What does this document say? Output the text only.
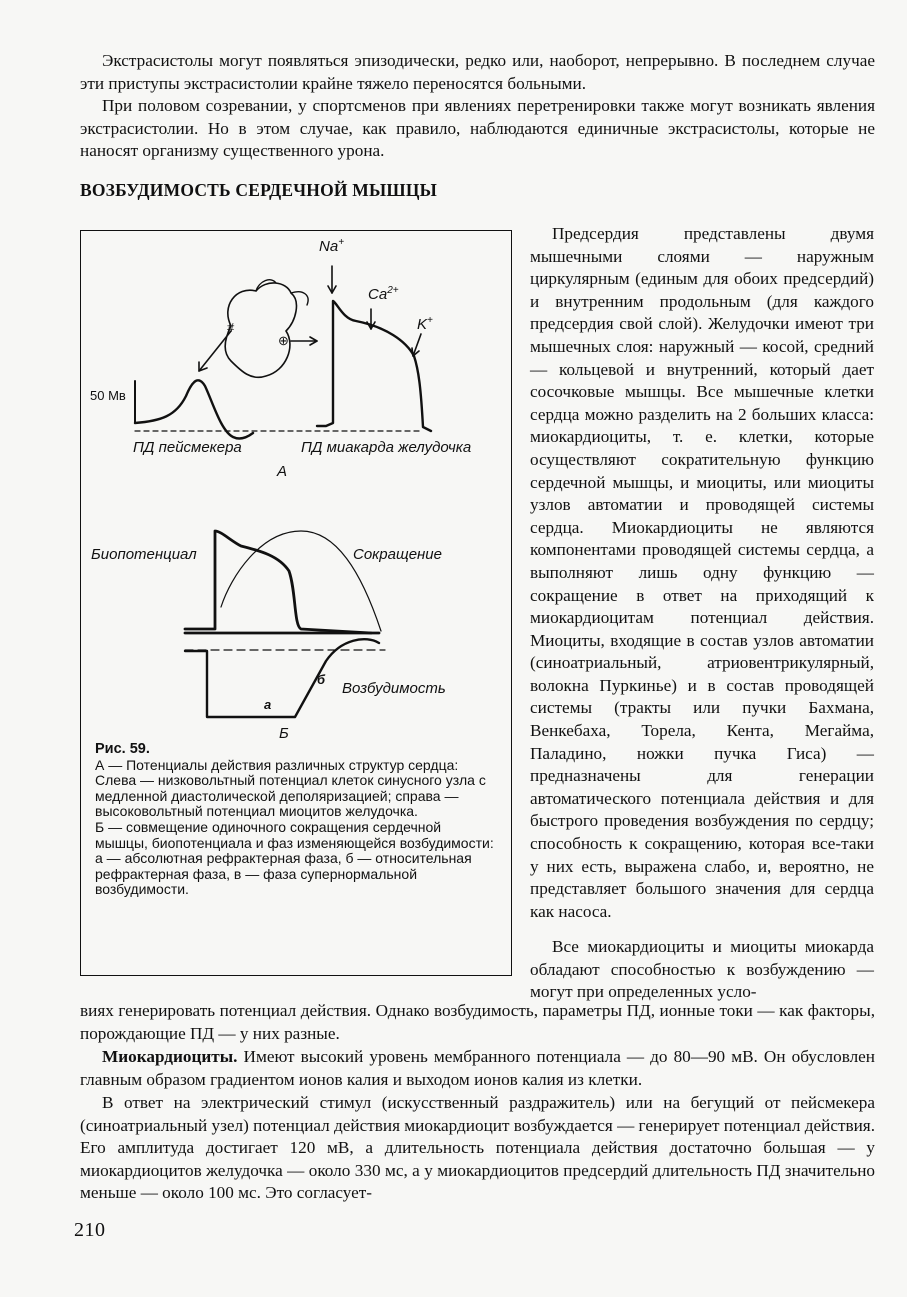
Экстрасистолы могут появляться эпизодически, редко или, наоборот, непрерывно. В последнем случае эти приступы экстрасистолии крайне тяжело переносятся больными.
При половом созревании, у спортсменов при явлениях перетренировки также могут возникать явления экстрасистолии. Но в этом случае, как правило, наблюдаются единичные экстрасистолы, которые не наносят организму существенного урона.
ВОЗБУДИМОСТЬ СЕРДЕЧНОЙ МЫШЦЫ
#
⊕
Na+
$Ca^{2+}$
K+
50 Мв
ПД пейсмекера	ПД миакарда желудочка
А
Биопотенциал	Сокращение
Возбудимость
б
а
Б

Рис. 59.

А — Потенциалы действия различных структур сердца:

Слева — низковольтный потенциал клеток синусного узла с медленной диастолической деполяризацией; справа — высоковольтный потенциал миоцитов желудочка.

Б — совмещение одиночного сокращения сердечной мышцы, биопотенциала и фаз изменяющейся возбудимости:

а — абсолютная рефрактерная фаза, б — относительная рефрактерная фаза, в — фаза супернормальной возбудимости.

Предсердия представлены двумя мышечными слоями — наружным циркулярным (единым для обоих предсердий) и внутренним продольным (для каждого предсердия свой слой). Желудочки имеют три мышечных слоя: наружный — косой, средний — кольцевой и внутренний, который дает сосочковые мышцы. Все мышечные клетки сердца можно разделить на 2 больших класса: миокардиоциты, т. е. клетки, которые осуществляют сократительную функцию сердечной мышцы, и миоциты, или миоциты узлов автоматии и проводящей системы сердца. Миокардиоциты не являются компонентами проводящей системы сердца, а выполняют лишь одну функцию — сокращение в ответ на приходящий к миокардиоцитам потенциал действия. Миоциты, входящие в состав узлов автоматии (синоатриальный, атриовентрикулярный, волокна Пуркинье) и в состав проводящей системы (тракты или пучки Бахмана, Венкебаха, Торела, Кента, Мегайма, Паладино, ножки пучка Гиса) — предназначены для генерации автоматического потенциала действия и для быстрого проведения возбуждения по сердцу; способность к сокращению, которая все-таки у них есть, выражена слабо, и, вероятно, не представляет большого значения для сердца как насоса.
Все миокардиоциты и миоциты миокарда обладают способностью к возбуждению — могут при определенных усло-
виях генерировать потенциал действия. Однако возбудимость, параметры ПД, ионные токи — как факторы, порождающие ПД — у них разные.
Миокардиоциты. Имеют высокий уровень мембранного потенциала — до 80—90 мВ. Он обусловлен главным образом градиентом ионов калия и выходом ионов калия из клетки.
В ответ на электрический стимул (искусственный раздражитель) или на бегущий от пейсмекера (синоатриальный узел) потенциал действия миокардиоцит возбуждается — генерирует потенциал действия. Его амплитуда достигает 120 мВ, а длительность потенциала действия достаточно большая — у миокардиоцитов желудочка — около 330 мс, а у миокардиоцитов предсердий длительность ПД значительно меньше — около 100 мс. Это согласует-
210
